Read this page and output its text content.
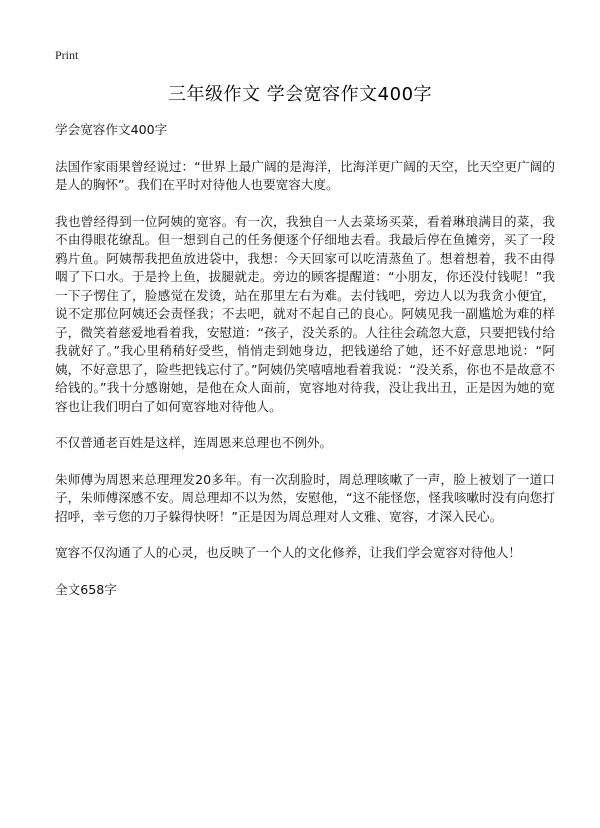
Print
三年级作文 学会宽容作文400字

学会宽容作文400字

法国作家雨果曾经说过：“世界上最广阔的是海洋，比海洋更广阔的天空，比天空更广阔的是人的胸怀”。我们在平时对待他人也要宽容大度。

我也曾经得到一位阿姨的宽容。有一次，我独自一人去菜场买菜，看着琳琅满目的菜，我不由得眼花缭乱。但一想到自己的任务便逐个仔细地去看。我最后停在鱼摊旁，买了一段鸦片鱼。阿姨帮我把鱼放进袋中，我想：今天回家可以吃清蒸鱼了。想着想着，我不由得咽了下口水。于是拎上鱼，拔腿就走。旁边的顾客提醒道：“小朋友，你还没付钱呢！”我一下子愣住了，脸感觉在发烫，站在那里左右为难。去付钱吧，旁边人以为我贪小便宜，说不定那位阿姨还会责怪我；不去吧，就对不起自己的良心。阿姨见我一副尴尬为难的样子，微笑着慈爱地看着我，安慰道：“孩子，没关系的。人往往会疏忽大意，只要把钱付给我就好了。”我心里稍稍好受些，悄悄走到她身边，把钱递给了她，还不好意思地说：“阿姨，不好意思了，险些把钱忘付了。”阿姨仍笑嘻嘻地看着我说：“没关系，你也不是故意不给钱的。”我十分感谢她，是他在众人面前，宽容地对待我，没让我出丑，正是因为她的宽容也让我们明白了如何宽容地对待他人。

不仅普通老百姓是这样，连周恩来总理也不例外。

朱师傅为周恩来总理理发20多年。有一次刮脸时，周总理咳嗽了一声，脸上被划了一道口子，朱师傅深感不安。周总理却不以为然，安慰他，“这不能怪您，怪我咳嗽时没有向您打招呼，幸亏您的刀子躲得快呀！”正是因为周总理对人文雅、宽容，才深入民心。

宽容不仅沟通了人的心灵，也反映了一个人的文化修养，让我们学会宽容对待他人！

全文658字
